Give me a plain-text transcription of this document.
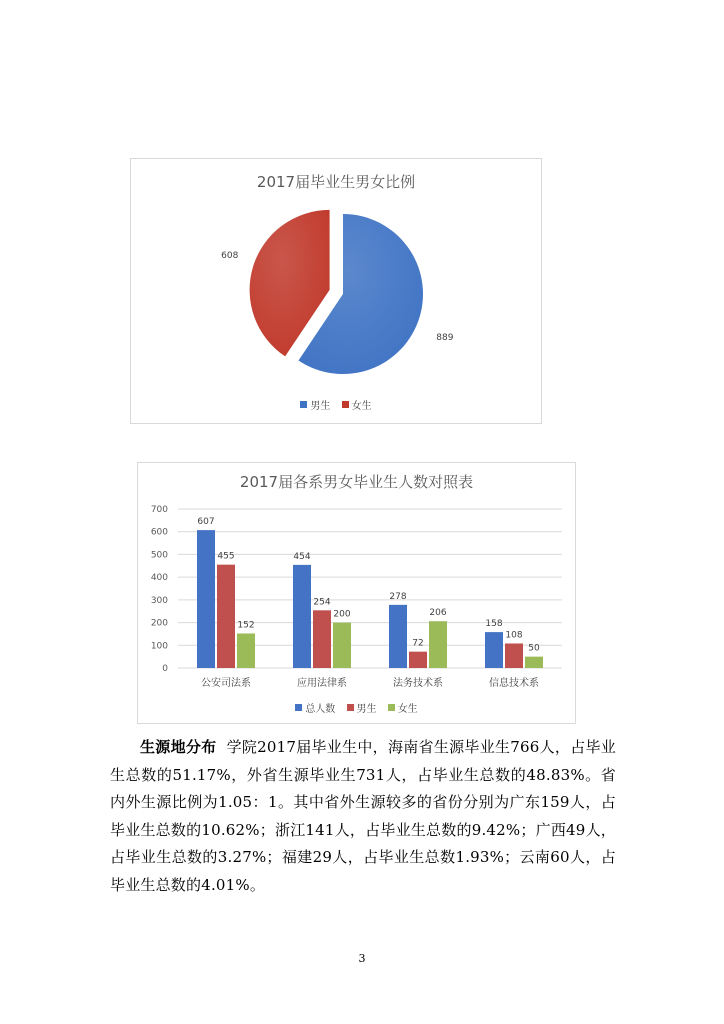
2017届毕业生男女比例
889
608
男生
女生
2017届各系男女毕业生人数对照表
0
100
200
300
400
500
600
700
607
455
152
公安司法系
454
254
200
应用法律系
278
72
206
法务技术系
158
108
50
信息技术系
总人数
男生
女生
生源地分布 学院2017届毕业生中，海南省生源毕业生766人，占毕业生总数的51.17%，外省生源毕业生731人，占毕业生总数的48.83%。省内外生源比例为1.05：1。其中省外生源较多的省份分别为广东159人，占毕业生总数的10.62%；浙江141人，占毕业生总数的9.42%；广西49人，占毕业生总数的3.27%；福建29人，占毕业生总数1.93%；云南60人，占毕业生总数的4.01%。
3
